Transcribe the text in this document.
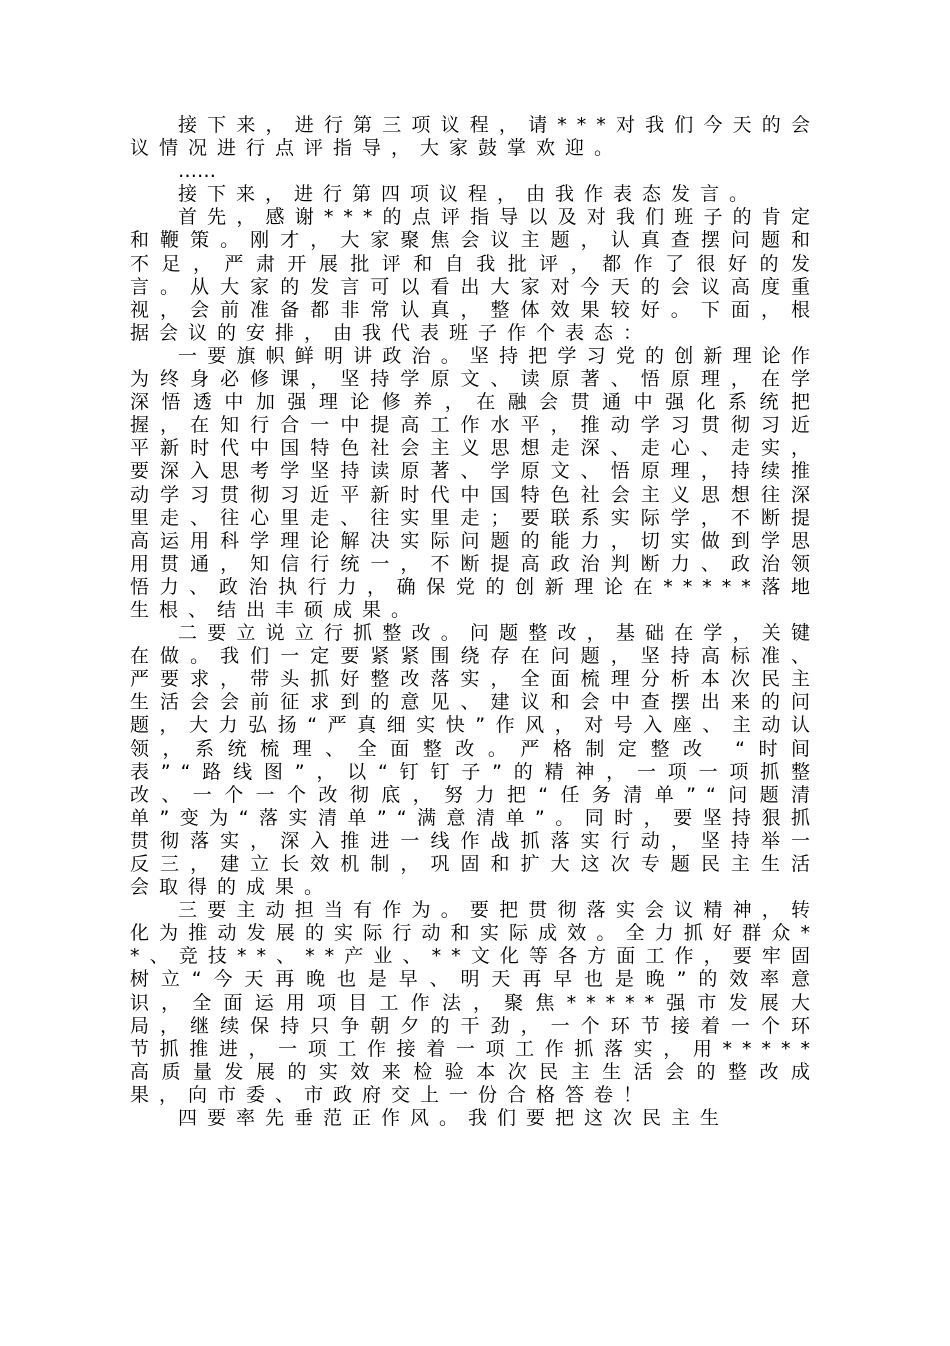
接下来，进行第三项议程，请***对我们今天的会议情况进行点评指导，大家鼓掌欢迎。

……

接下来，进行第四项议程，由我作表态发言。

首先，感谢***的点评指导以及对我们班子的肯定和鞭策。刚才，大家聚焦会议主题，认真查摆问题和不足，严肃开展批评和自我批评，都作了很好的发言。从大家的发言可以看出大家对今天的会议高度重视，会前准备都非常认真，整体效果较好。下面，根据会议的安排，由我代表班子作个表态：

一要旗帜鲜明讲政治。坚持把学习党的创新理论作为终身必修课，坚持学原文、读原著、悟原理，在学深悟透中加强理论修养，在融会贯通中强化系统把握，在知行合一中提高工作水平，推动学习贯彻习近平新时代中国特色社会主义思想走深、走心、走实，要深入思考学坚持读原著、学原文、悟原理，持续推动学习贯彻习近平新时代中国特色社会主义思想往深里走、往心里走、往实里走；要联系实际学，不断提高运用科学理论解决实际问题的能力，切实做到学思用贯通，知信行统一，不断提高政治判断力、政治领悟力、政治执行力，确保党的创新理论在*****落地生根、结出丰硕成果。

二要立说立行抓整改。问题整改，基础在学，关键在做。我们一定要紧紧围绕存在问题，坚持高标准、严要求，带头抓好整改落实，全面梳理分析本次民主生活会会前征求到的意见、建议和会中查摆出来的问题，大力弘扬“严真细实快”作风，对号入座、主动认领，系统梳理、全面整改。严格制定整改 “时间表”“路线图”，以“钉钉子”的精神，一项一项抓整改、一个一个改彻底，努力把“任务清单”“问题清单”变为“落实清单”“满意清单”。同时，要坚持狠抓贯彻落实，深入推进一线作战抓落实行动，坚持举一反三，建立长效机制，巩固和扩大这次专题民主生活会取得的成果。

三要主动担当有作为。要把贯彻落实会议精神，转化为推动发展的实际行动和实际成效。全力抓好群众**、竞技**、**产业、**文化等各方面工作，要牢固树立“今天再晚也是早、明天再早也是晚”的效率意识，全面运用项目工作法，聚焦*****强市发展大局，继续保持只争朝夕的干劲，一个环节接着一个环节抓推进，一项工作接着一项工作抓落实，用*****高质量发展的实效来检验本次民主生活会的整改成果，向市委、市政府交上一份合格答卷！

四要率先垂范正作风。我们要把这次民主生
